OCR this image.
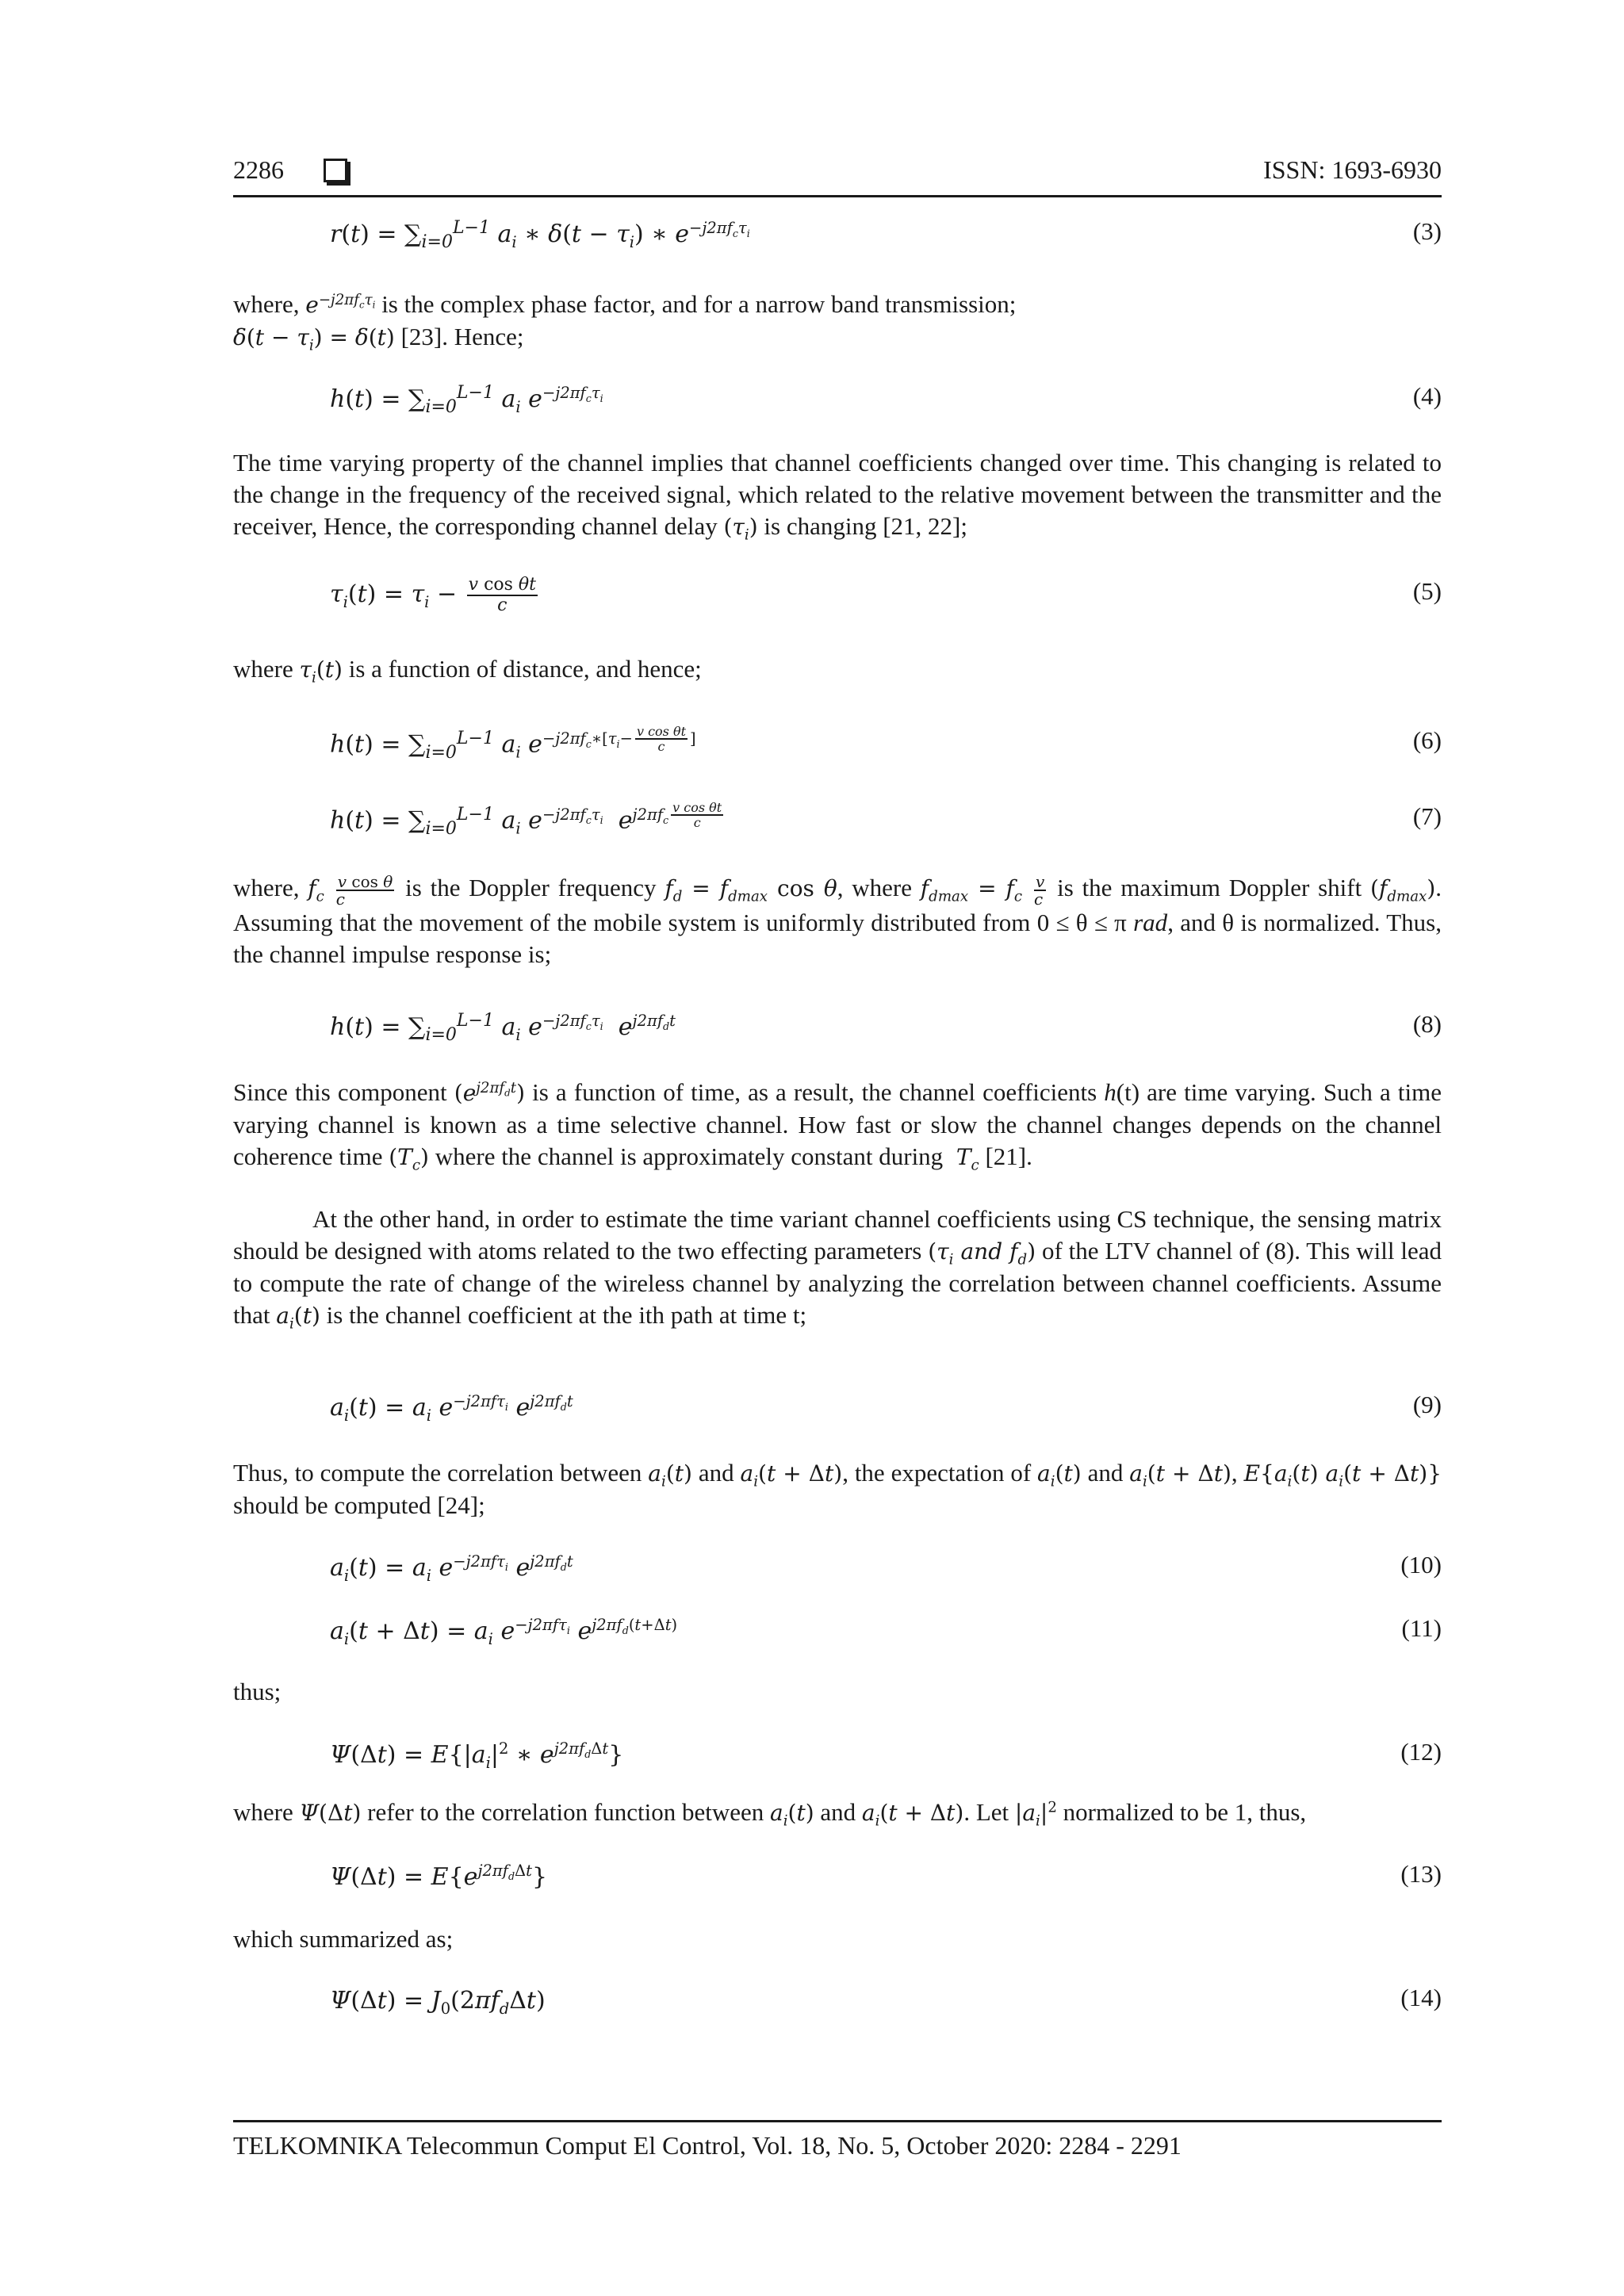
2286	ISSN: 1693-6930
$r(t) = \sum_{i=0}^{L-1}$ $a_i$ ∗ $\delta(t - \tau_i)$ ∗ $e^{-j2\pi f_c\tau_i}$	(3)
where, $e^{-j2\pi f_c\tau_i}$ is the complex phase factor, and for a narrow band transmission;
$\delta(t - \tau_i) = \delta(t)$ [23]. Hence;
$h(t) = \sum_{i=0}^{L-1}$ $a_i$ $e^{-j2\pi f_c\tau_i}$	(4)
The time varying property of the channel implies that channel coefficients changed over time. This changing is related to the change in the frequency of the received signal, which related to the relative movement between the transmitter and the receiver, Hence, the corresponding channel delay $(\tau_i)$ is changing [21, 22];
$\tau_i(t) = \tau_i - \frac{\text{v cos θt}}{c}$	(5)
where $\tau_i(t)$ is a function of distance, and hence;
$h(t) = \sum_{i=0}^{L-1}$ $a_i$ $e^{-j2\pi f_c∗[\tau_i- \frac{\text{v cos θt}}{c} ]}$	(6)
$h(t) = \sum_{i=0}^{L-1}$ $a_i$ $e^{-j2\pi f_c\tau_i}$  $e^{j2\pi f_c \frac{\text{v cos θt}}{c}}$	(7)
where, $f_c \frac{\text{v cos θ}}{c}$ is the Doppler frequency $f_d = f_{dmax}$ cos θ, where $f_{dmax} = f_c \frac{v}{c}$ is the maximum Doppler shift $(f_{dmax})$. Assuming that the movement of the mobile system is uniformly distributed from 0 ≤ θ ≤ π rad, and θ is normalized. Thus, the channel impulse response is;
$h(t) = \sum_{i=0}^{L-1}$ $a_i$ $e^{-j2\pi f_c\tau_i}$  $e^{j2\pi f_dt}$	(8)
Since this component $(e^{j2\pi f_dt})$ is a function of time, as a result, the channel coefficients h(t) are time varying. Such a time varying channel is known as a time selective channel. How fast or slow the channel changes depends on the channel coherence time $(T_c)$ where the channel is approximately constant during  $T_c$ [21].
At the other hand, in order to estimate the time variant channel coefficients using CS technique, the sensing matrix should be designed with atoms related to the two effecting parameters ($\tau_i$ and $f_d$) of the LTV channel of (8). This will lead to compute the rate of change of the wireless channel by analyzing the correlation between channel coefficients. Assume that $a_i(t)$ is the channel coefficient at the ith path at time t;
$a_i(t) = a_i$ $e^{-j2\pi f\tau_i}$ $e^{j2\pi f_dt}$	(9)
Thus, to compute the correlation between $a_i(t)$ and $a_i(t + \Delta t)$, the expectation of $a_i(t)$ and $a_i(t + \Delta t)$, $E\{a_i(t) a_i(t + \Delta t)\}$ should be computed [24];
$a_i(t) = a_i$ $e^{-j2\pi f\tau_i}$ $e^{j2\pi f_dt}$	(10)
$a_i(t + \Delta t) = a_i$ $e^{-j2\pi f\tau_i}$ $e^{j2\pi f_d(t+\Delta t)}$	(11)
thus;
$\Psi(\Delta t) = E\{|a_i|^2$ ∗ $e^{j2\pi f_d\Delta t}$}	(12)
where Ψ(Δt) refer to the correlation function between $a_i(t)$ and $a_i(t + \Delta t)$. Let $|a_i|^2$ normalized to be 1, thus,
$\Psi(\Delta t) = E\{e^{j2\pi f_d\Delta t}\}$	(13)
which summarized as;
$\Psi(\Delta t) = J_0(2\pi f_d\Delta t)$	(14)
TELKOMNIKA Telecommun Comput El Control, Vol. 18, No. 5, October 2020: 2284 - 2291
